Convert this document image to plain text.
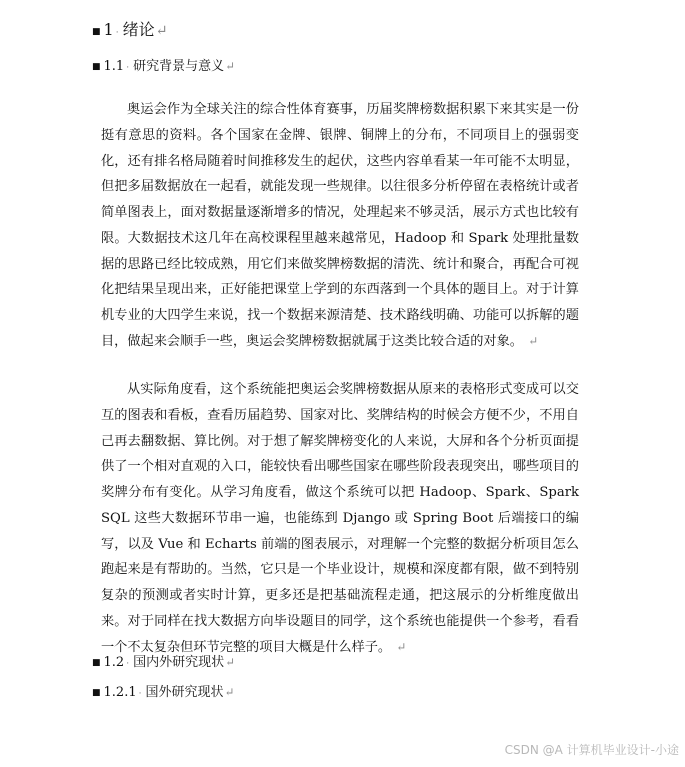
■ 1 · 绪论 ↵
■ 1.1 · 研究背景与意义 ↵

奥运会作为全球关注的综合性体育赛事，历届奖牌榜数据积累下来其实是一份挺有意思的资料。各个国家在金牌、银牌、铜牌上的分布，不同项目上的强弱变化，还有排名格局随着时间推移发生的起伏，这些内容单看某一年可能不太明显，但把多届数据放在一起看，就能发现一些规律。以往很多分析停留在表格统计或者简单图表上，面对数据量逐渐增多的情况，处理起来不够灵活，展示方式也比较有限。大数据技术这几年在高校课程里越来越常见，Hadoop 和 Spark 处理批量数据的思路已经比较成熟，用它们来做奖牌榜数据的清洗、统计和聚合，再配合可视化把结果呈现出来，正好能把课堂上学到的东西落到一个具体的题目上。对于计算机专业的大四学生来说，找一个数据来源清楚、技术路线明确、功能可以拆解的题目，做起来会顺手一些，奥运会奖牌榜数据就属于这类比较合适的对象。 ↵

从实际角度看，这个系统能把奥运会奖牌榜数据从原来的表格形式变成可以交互的图表和看板，查看历届趋势、国家对比、奖牌结构的时候会方便不少，不用自己再去翻数据、算比例。对于想了解奖牌榜变化的人来说，大屏和各个分析页面提供了一个相对直观的入口，能较快看出哪些国家在哪些阶段表现突出，哪些项目的奖牌分布有变化。从学习角度看，做这个系统可以把 Hadoop、Spark、Spark SQL 这些大数据环节串一遍，也能练到 Django 或 Spring Boot 后端接口的编写，以及 Vue 和 Echarts 前端的图表展示，对理解一个完整的数据分析项目怎么跑起来是有帮助的。当然，它只是一个毕业设计，规模和深度都有限，做不到特别复杂的预测或者实时计算，更多还是把基础流程走通，把这展示的分析维度做出来。对于同样在找大数据方向毕设题目的同学，这个系统也能提供一个参考，看看一个不太复杂但环节完整的项目大概是什么样子。 ↵

■ 1.2 · 国内外研究现状 ↵
■ 1.2.1 · 国外研究现状 ↵
CSDN @A 计算机毕业设计-小途
